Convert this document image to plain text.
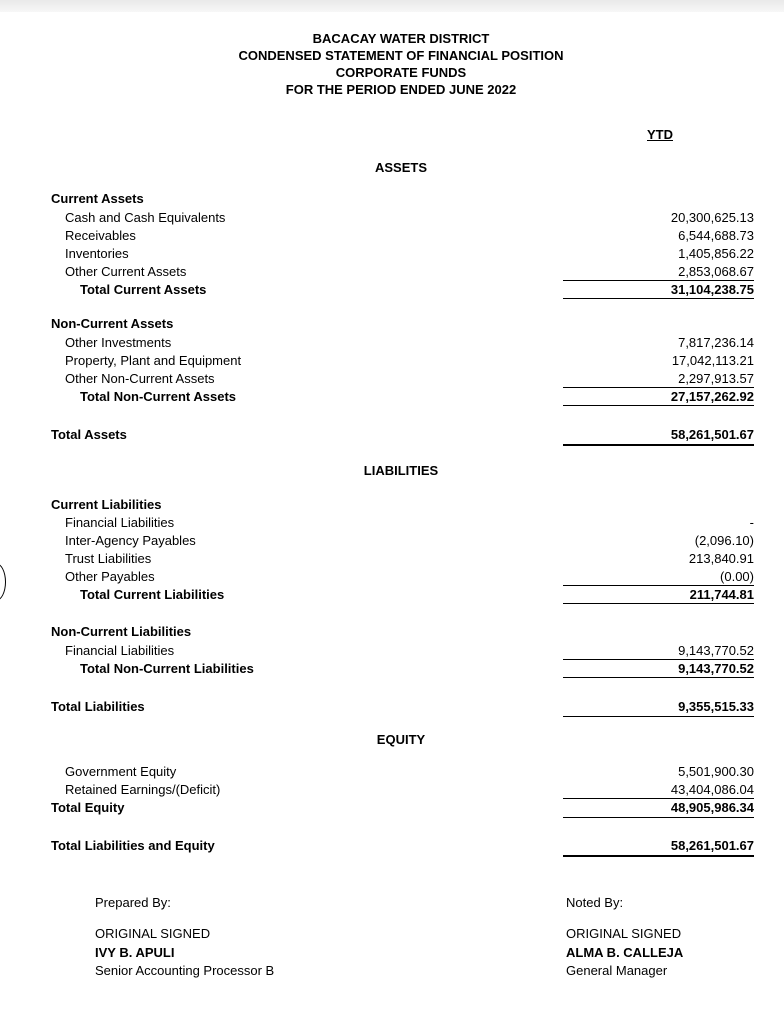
BACACAY WATER DISTRICT
CONDENSED STATEMENT OF FINANCIAL POSITION
CORPORATE FUNDS
FOR THE PERIOD ENDED JUNE 2022
YTD
ASSETS
Current Assets
Cash and Cash Equivalents	20,300,625.13
Receivables	6,544,688.73
Inventories	1,405,856.22
Other Current Assets	2,853,068.67
Total Current Assets	31,104,238.75
Non-Current Assets
Other Investments	7,817,236.14
Property, Plant and Equipment	17,042,113.21
Other Non-Current Assets	2,297,913.57
Total Non-Current Assets	27,157,262.92
Total Assets	58,261,501.67
LIABILITIES
Current Liabilities
Financial Liabilities	-
Inter-Agency Payables	(2,096.10)
Trust Liabilities	213,840.91
Other Payables	(0.00)
Total Current Liabilities	211,744.81
Non-Current Liabilities
Financial Liabilities	9,143,770.52
Total Non-Current Liabilities	9,143,770.52
Total Liabilities	9,355,515.33
EQUITY
Government Equity	5,501,900.30
Retained Earnings/(Deficit)	43,404,086.04
Total Equity	48,905,986.34
Total Liabilities and Equity	58,261,501.67
Prepared By:
ORIGINAL SIGNED
IVY B. APULI
Senior Accounting Processor B
Noted By:
ORIGINAL SIGNED
ALMA B. CALLEJA
General Manager
